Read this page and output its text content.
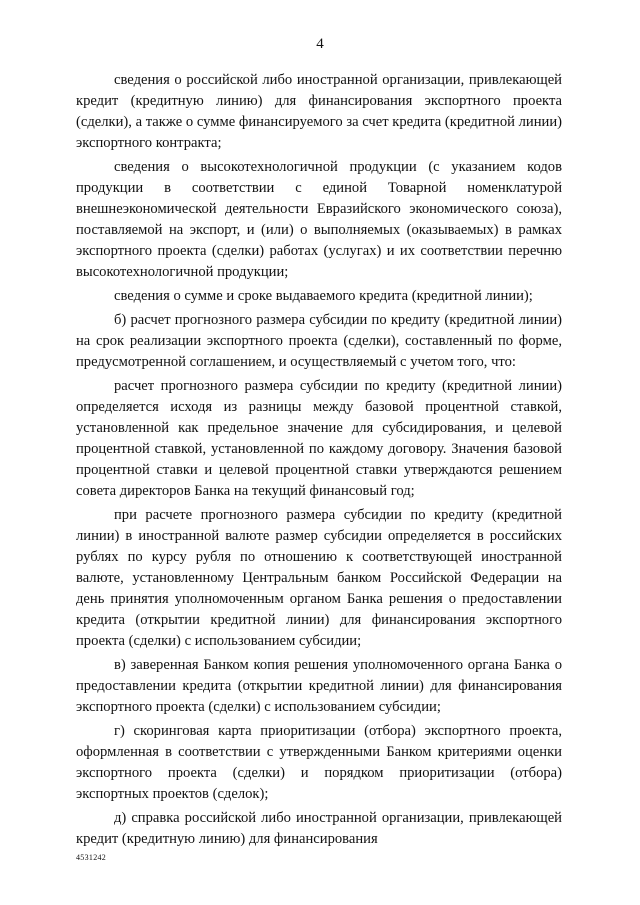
4

сведения о российской либо иностранной организации, привлекающей кредит (кредитную линию) для финансирования экспортного проекта (сделки), а также о сумме финансируемого за счет кредита (кредитной линии) экспортного контракта;

сведения о высокотехнологичной продукции (с указанием кодов продукции в соответствии с единой Товарной номенклатурой внешнеэкономической деятельности Евразийского экономического союза), поставляемой на экспорт, и (или) о выполняемых (оказываемых) в рамках экспортного проекта (сделки) работах (услугах) и их соответствии перечню высокотехнологичной продукции;

сведения о сумме и сроке выдаваемого кредита (кредитной линии);

б) расчет прогнозного размера субсидии по кредиту (кредитной линии) на срок реализации экспортного проекта (сделки), составленный по форме, предусмотренной соглашением, и осуществляемый с учетом того, что:

расчет прогнозного размера субсидии по кредиту (кредитной линии) определяется исходя из разницы между базовой процентной ставкой, установленной как предельное значение для субсидирования, и целевой процентной ставкой, установленной по каждому договору. Значения базовой процентной ставки и целевой процентной ставки утверждаются решением совета директоров Банка на текущий финансовый год;

при расчете прогнозного размера субсидии по кредиту (кредитной линии) в иностранной валюте размер субсидии определяется в российских рублях по курсу рубля по отношению к соответствующей иностранной валюте, установленному Центральным банком Российской Федерации на день принятия уполномоченным органом Банка решения о предоставлении кредита (открытии кредитной линии) для финансирования экспортного проекта (сделки) с использованием субсидии;

в) заверенная Банком копия решения уполномоченного органа Банка о предоставлении кредита (открытии кредитной линии) для финансирования экспортного проекта (сделки) с использованием субсидии;

г) скоринговая карта приоритизации (отбора) экспортного проекта, оформленная в соответствии с утвержденными Банком критериями оценки экспортного проекта (сделки) и порядком приоритизации (отбора) экспортных проектов (сделок);

д) справка российской либо иностранной организации, привлекающей кредит (кредитную линию) для финансирования

4531242
